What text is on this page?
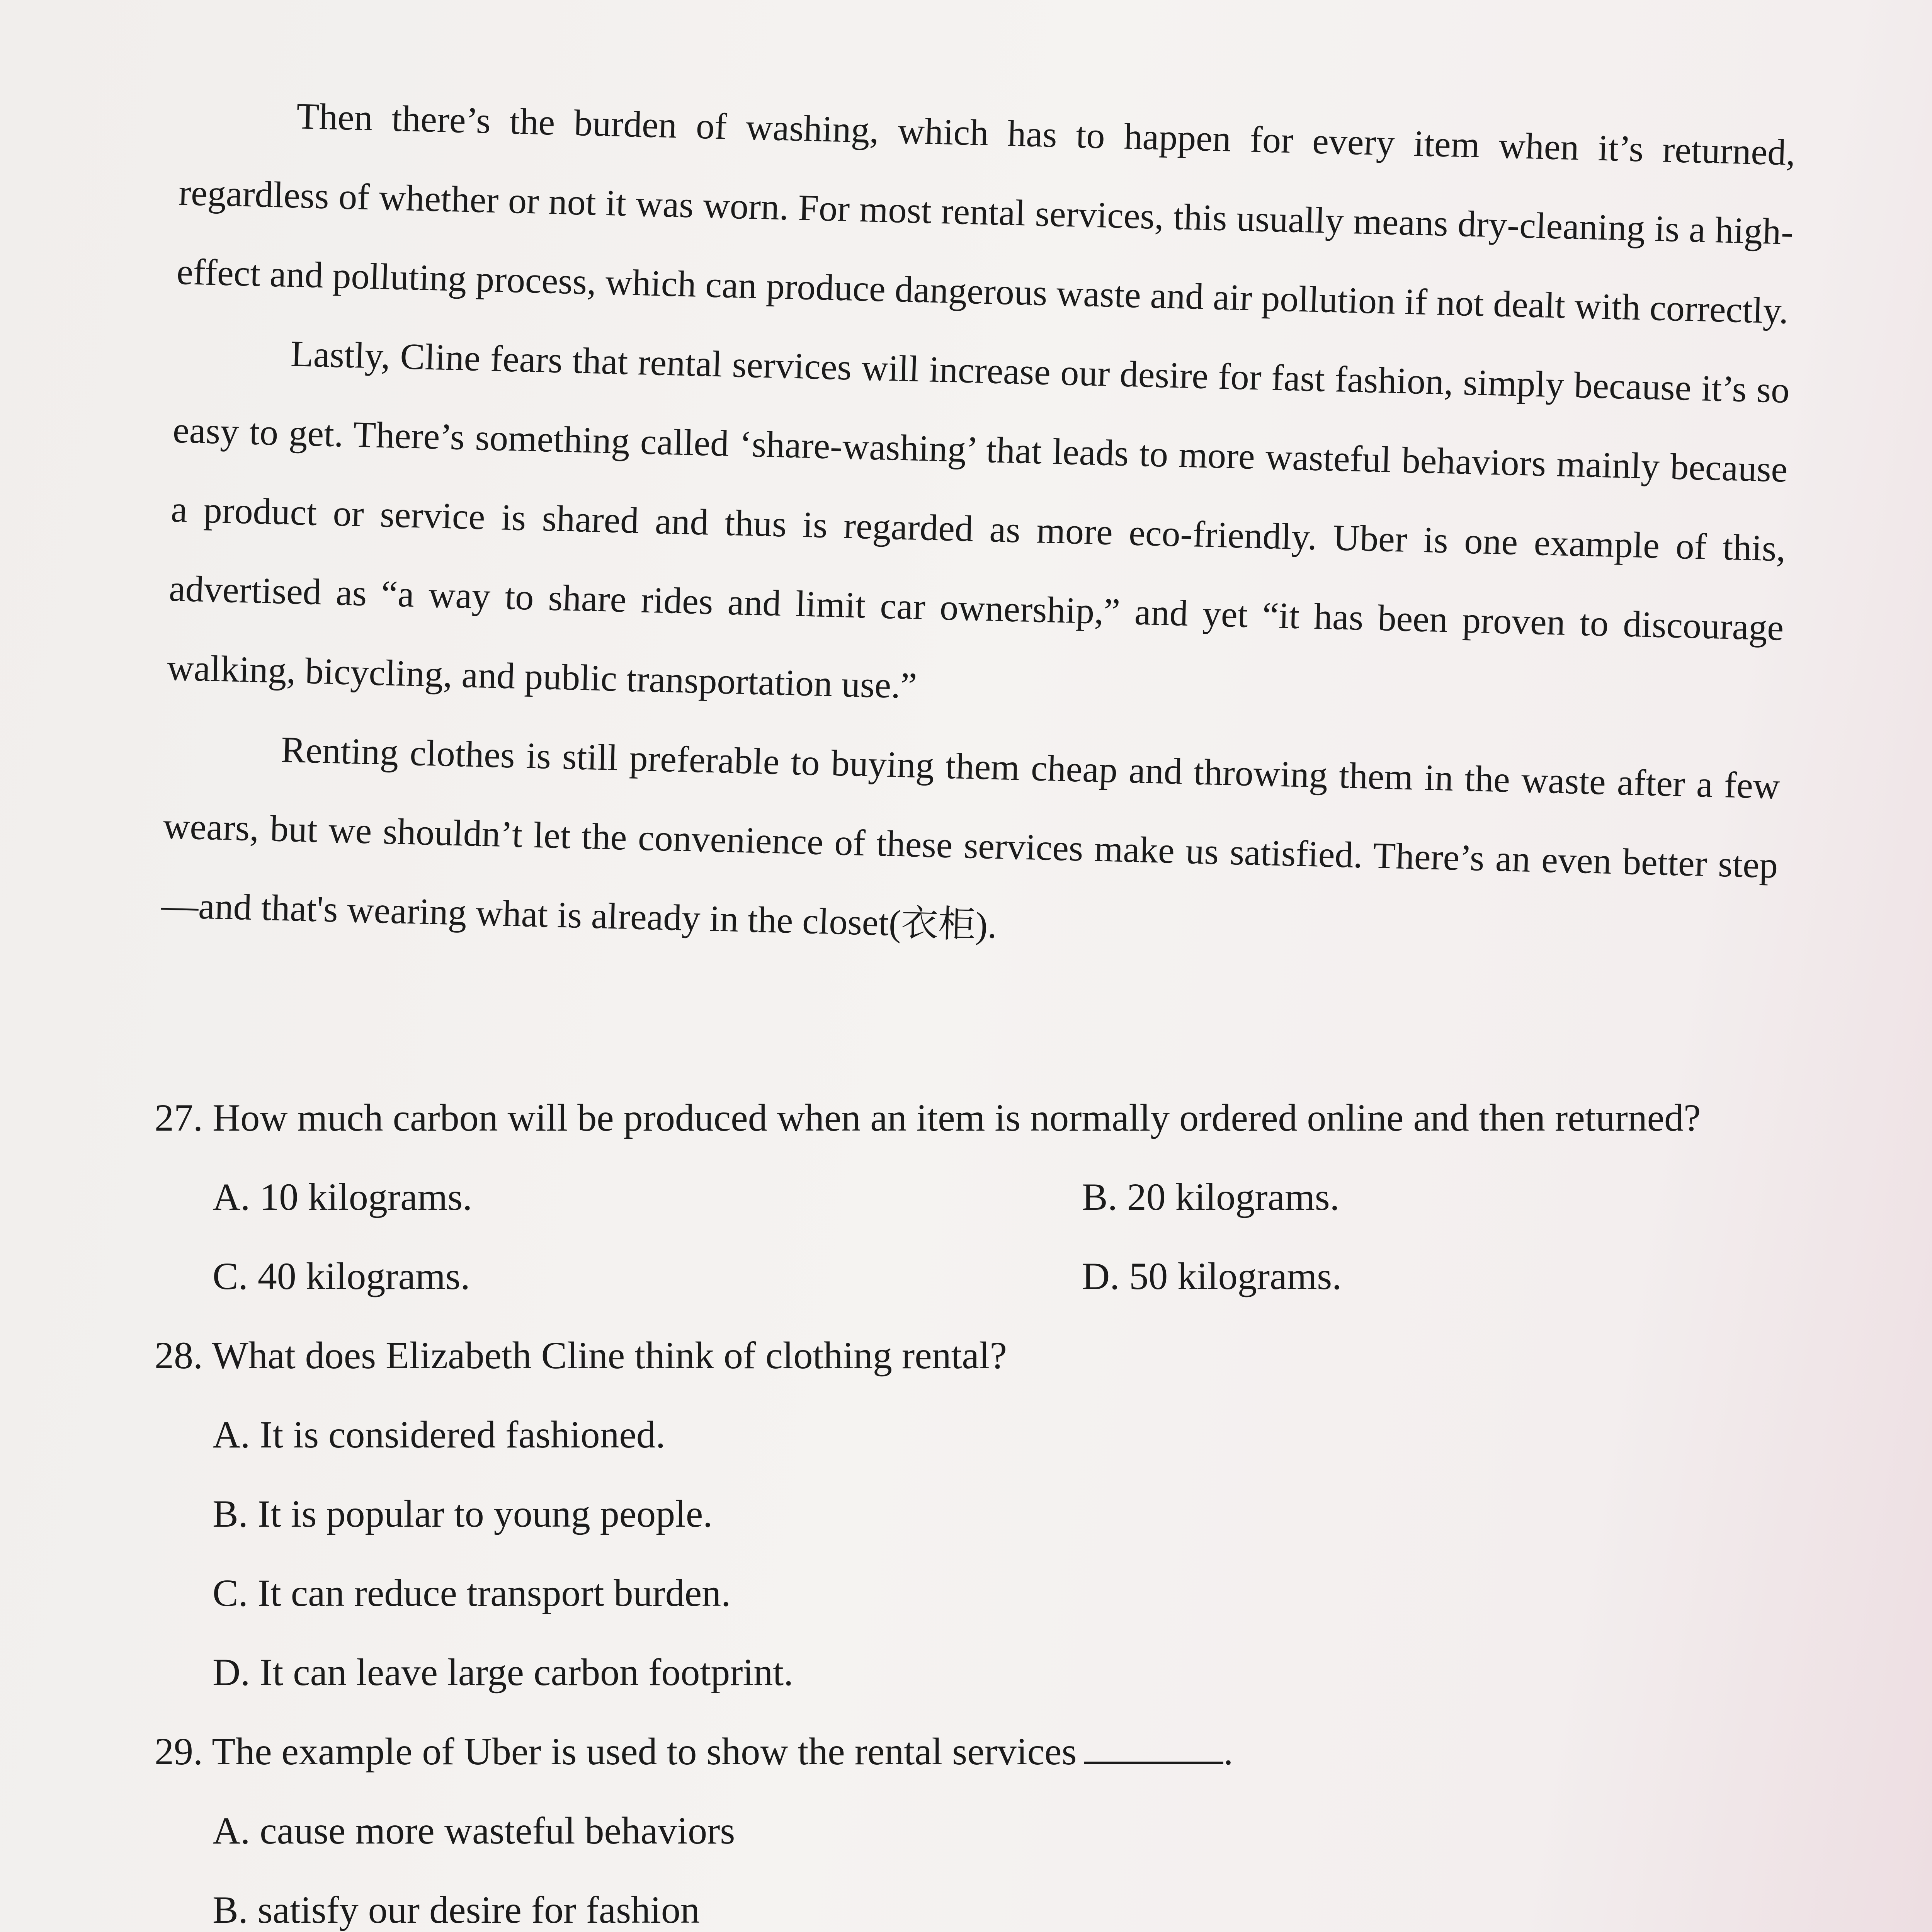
Then there’s the burden of washing, which has to happen for every item when it’s returned, regardless of whether or not it was worn. For most rental services, this usually means dry-cleaning is a high-effect and polluting process, which can produce dangerous waste and air pollution if not dealt with correctly.

Lastly, Cline fears that rental services will increase our desire for fast fashion, simply because it’s so easy to get. There’s something called ‘share-washing’ that leads to more wasteful behaviors mainly because a product or service is shared and thus is regarded as more eco-friendly. Uber is one example of this, advertised as “a way to share rides and limit car ownership,” and yet “it has been proven to discourage walking, bicycling, and public transportation use.”

Renting clothes is still preferable to buying them cheap and throwing them in the waste after a few wears, but we shouldn’t let the convenience of these services make us satisfied. There’s an even better step—and that's wearing what is already in the closet(衣柜).

27. How much carbon will be produced when an item is normally ordered online and then returned?
A. 10 kilograms.	B. 20 kilograms.
C. 40 kilograms.	D. 50 kilograms.
28. What does Elizabeth Cline think of clothing rental?
A. It is considered fashioned.
B. It is popular to young people.
C. It can reduce transport burden.
D. It can leave large carbon footprint.
29. The example of Uber is used to show the rental services	.
A. cause more wasteful behaviors
B. satisfy our desire for fashion
